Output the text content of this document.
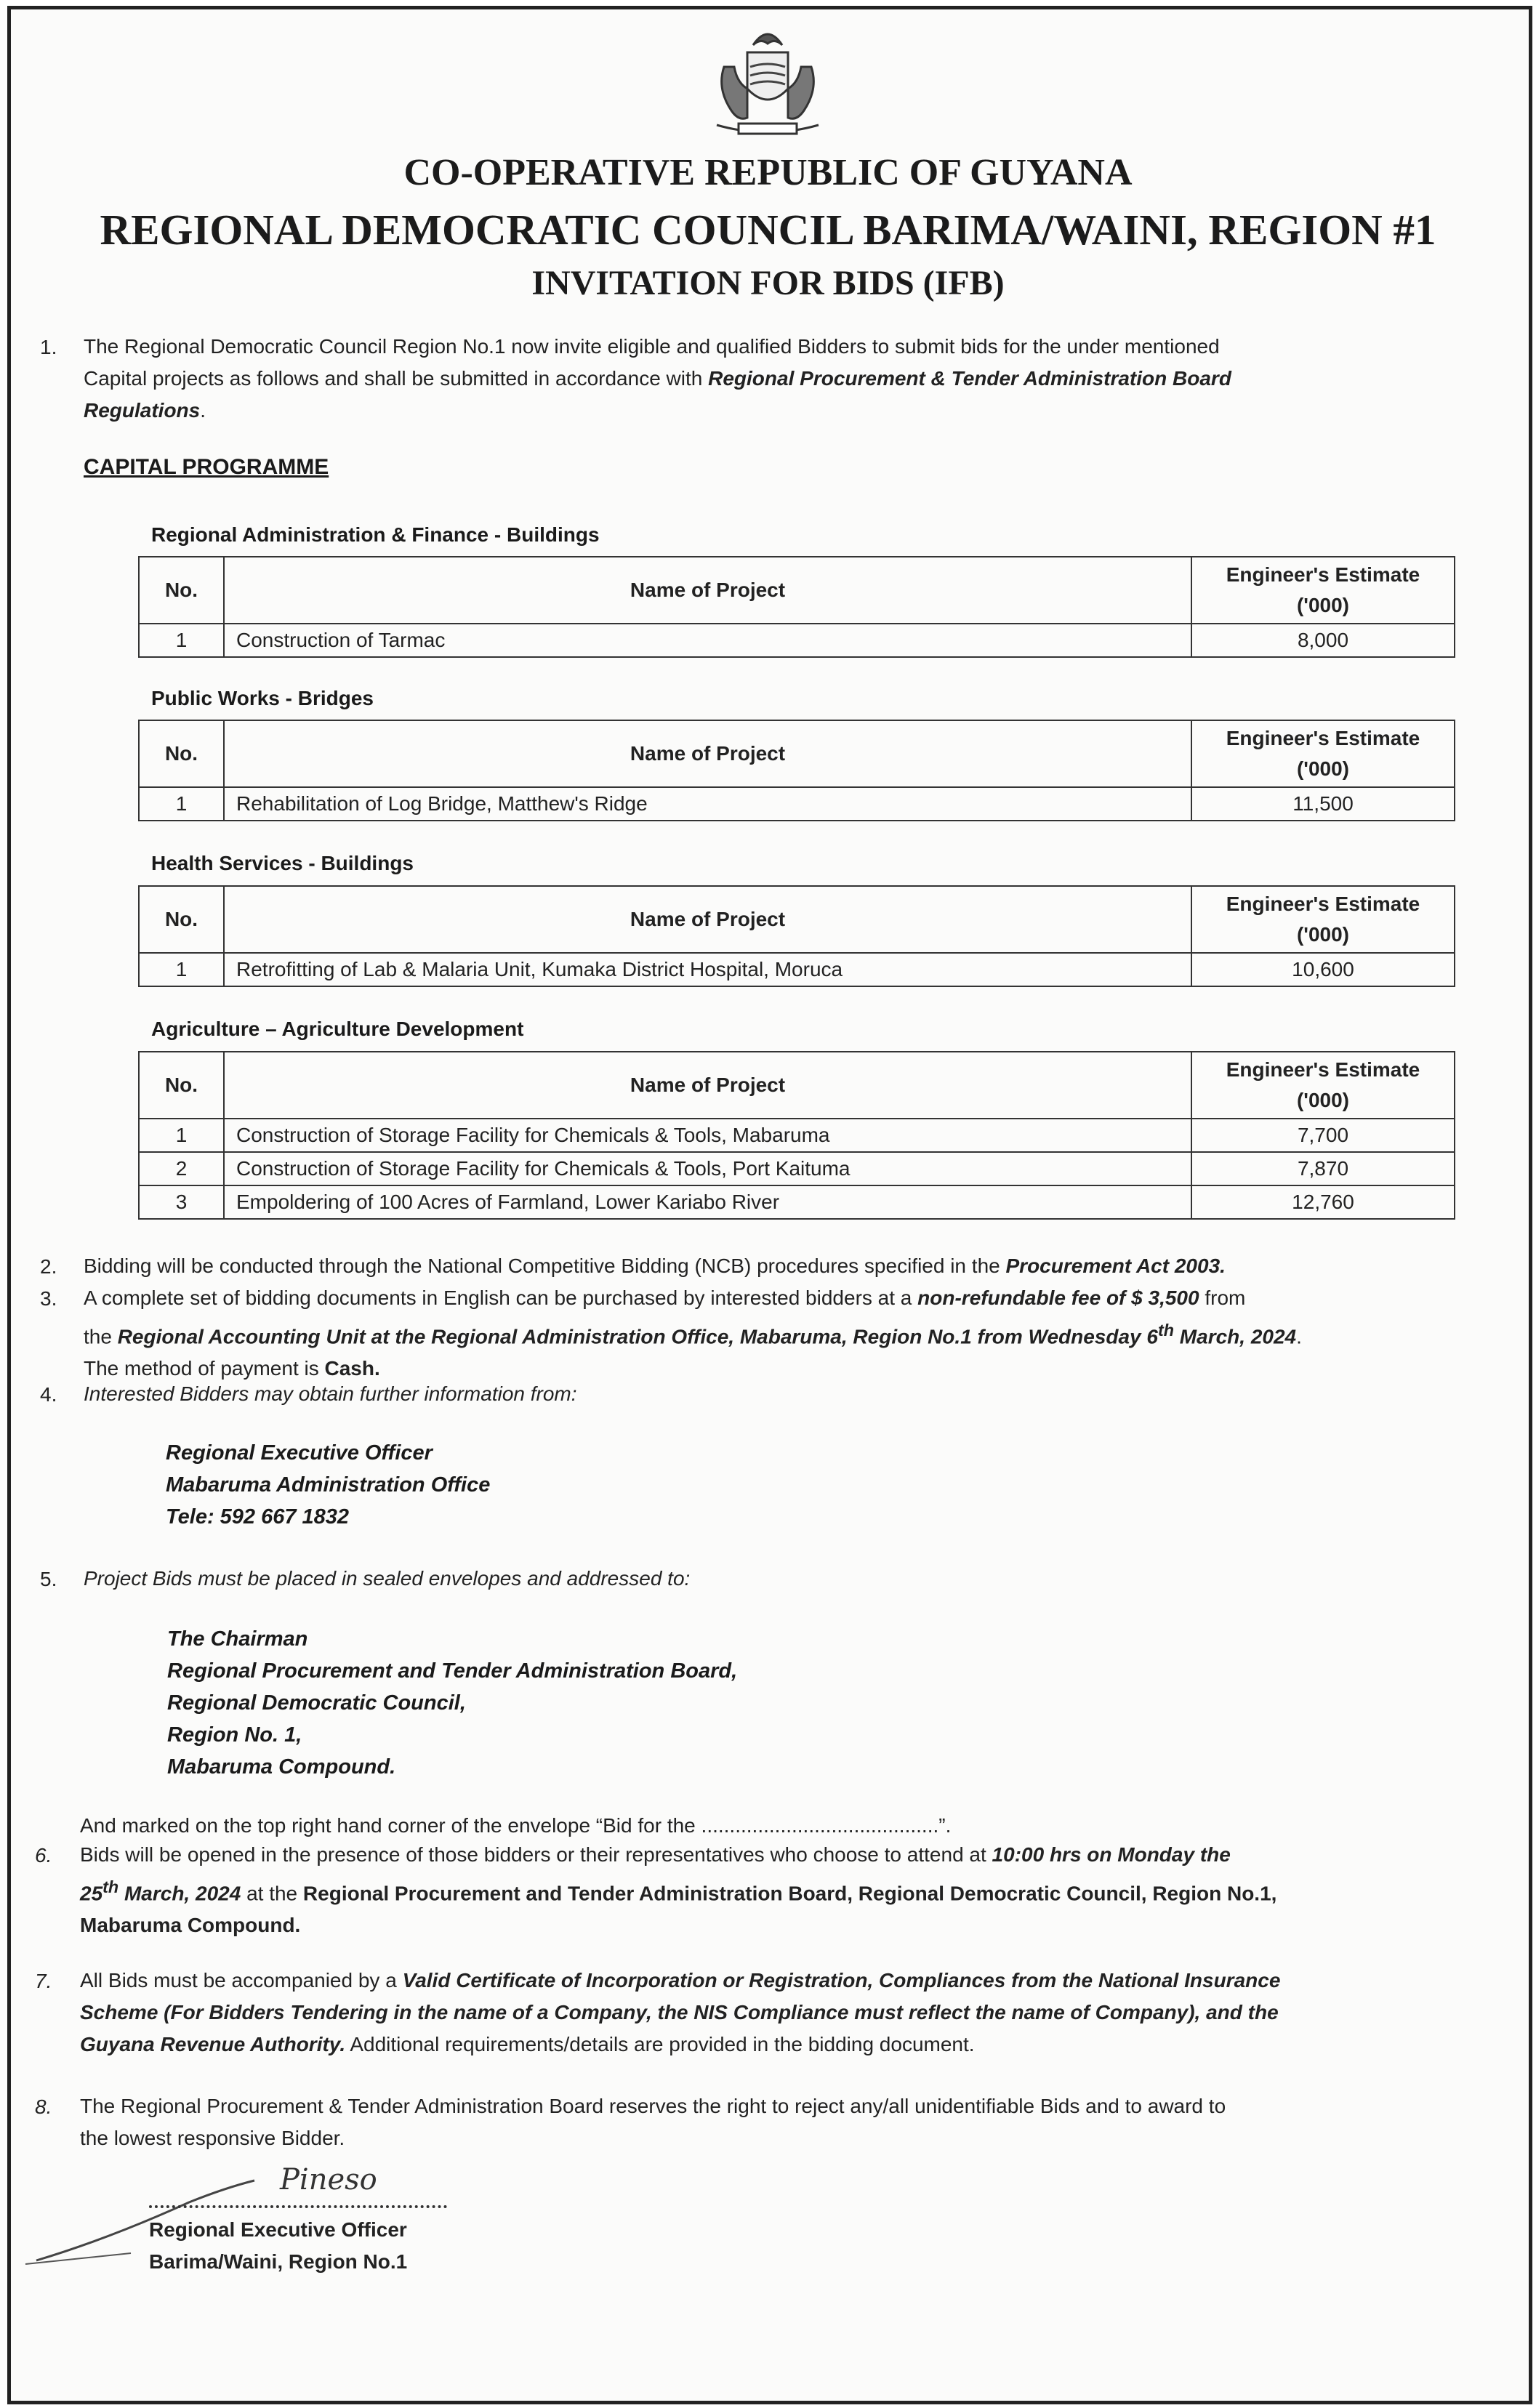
CO-OPERATIVE REPUBLIC OF GUYANA
REGIONAL DEMOCRATIC COUNCIL BARIMA/WAINI, REGION #1
INVITATION FOR BIDS (IFB)
1. The Regional Democratic Council Region No.1 now invite eligible and qualified Bidders to submit bids for the under mentioned
Capital projects as follows and shall be submitted in accordance with Regional Procurement & Tender Administration Board
Regulations.
CAPITAL PROGRAMME
Regional Administration & Finance - Buildings
No.	Name of Project	Engineer's Estimate ('000)
1	Construction of Tarmac	8,000
Public Works - Bridges
No.	Name of Project	Engineer's Estimate ('000)
1	Rehabilitation of Log Bridge, Matthew's Ridge	11,500
Health Services - Buildings
No.	Name of Project	Engineer's Estimate ('000)
1	Retrofitting of Lab & Malaria Unit, Kumaka District Hospital, Moruca	10,600
Agriculture – Agriculture Development
No.	Name of Project	Engineer's Estimate ('000)
1	Construction of Storage Facility for Chemicals & Tools, Mabaruma	7,700
2	Construction of Storage Facility for Chemicals & Tools, Port Kaituma	7,870
3	Empoldering of 100 Acres of Farmland, Lower Kariabo River	12,760
2. Bidding will be conducted through the National Competitive Bidding (NCB) procedures specified in the Procurement Act 2003.
3. A complete set of bidding documents in English can be purchased by interested bidders at a non-refundable fee of $ 3,500 from
the Regional Accounting Unit at the Regional Administration Office, Mabaruma, Region No.1 from Wednesday 6th March, 2024.
The method of payment is Cash.
4. Interested Bidders may obtain further information from:
Regional Executive Officer
Mabaruma Administration Office
Tele: 592 667 1832
5. Project Bids must be placed in sealed envelopes and addressed to:
The Chairman
Regional Procurement and Tender Administration Board,
Regional Democratic Council,
Region No. 1,
Mabaruma Compound.
And marked on the top right hand corner of the envelope “Bid for the ..........................................”.
6. Bids will be opened in the presence of those bidders or their representatives who choose to attend at 10:00 hrs on Monday the
25th March, 2024 at the Regional Procurement and Tender Administration Board, Regional Democratic Council, Region No.1,
Mabaruma Compound.
7. All Bids must be accompanied by a Valid Certificate of Incorporation or Registration, Compliances from the National Insurance
Scheme (For Bidders Tendering in the name of a Company, the NIS Compliance must reflect the name of Company), and the
Guyana Revenue Authority. Additional requirements/details are provided in the bidding document.
8. The Regional Procurement & Tender Administration Board reserves the right to reject any/all unidentifiable Bids and to award to
the lowest responsive Bidder.
Pineso
Regional Executive Officer
Barima/Waini, Region No.1
